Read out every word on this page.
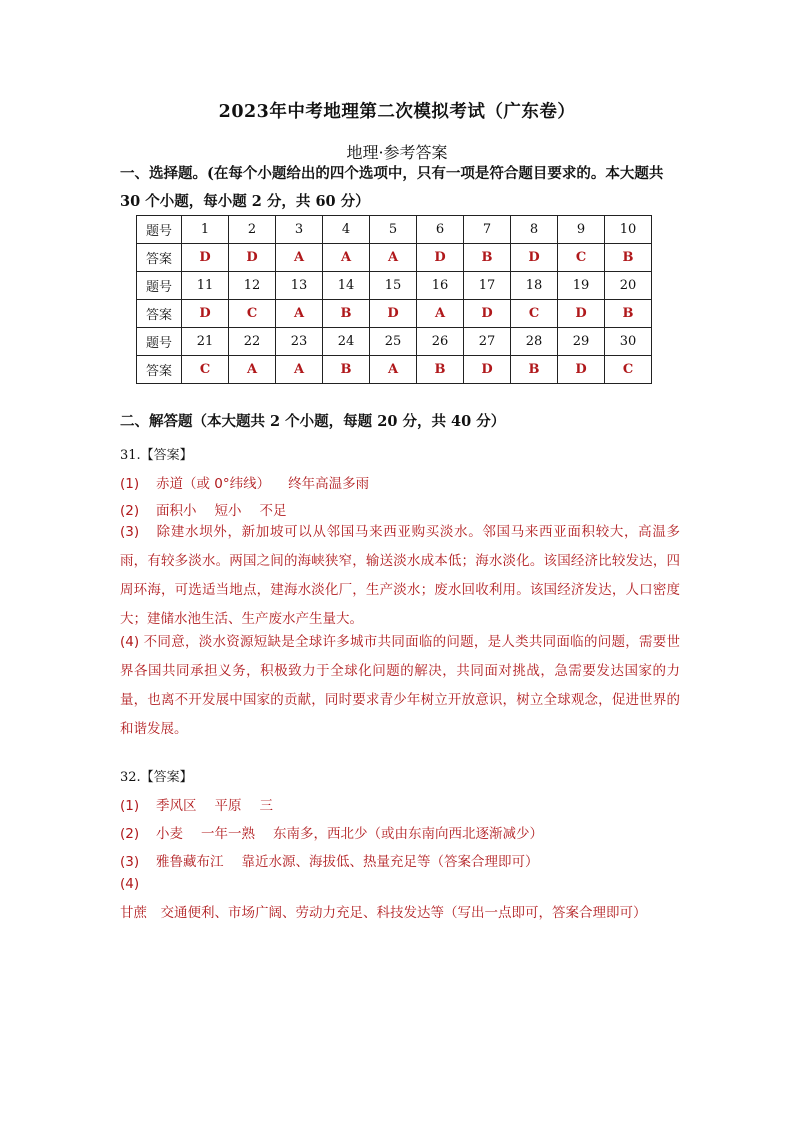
2023年中考地理第二次模拟考试（广东卷）
地理·参考答案
一、选择题。(在每个小题给出的四个选项中，只有一项是符合题目要求的。本大题共 30 个小题，每小题 2 分，共 60 分）
题号	1	2	3	4	5	6	7	8	9	10
答案	D	D	A	A	A	D	B	D	C	B
题号	11	12	13	14	15	16	17	18	19	20
答案	D	C	A	B	D	A	D	C	D	B
题号	21	22	23	24	25	26	27	28	29	30
答案	C	A	A	B	A	B	D	B	D	C
二、解答题（本大题共 2 个小题，每题 20 分，共 40 分）
31.【答案】
(1) 赤道（或 0°纬线） 终年高温多雨
(2) 面积小 短小 不足
(3) 除建水坝外，新加坡可以从邻国马来西亚购买淡水。邻国马来西亚面积较大，高温多雨，有较多淡水。两国之间的海峡狭窄，输送淡水成本低；海水淡化。该国经济比较发达，四周环海，可选适当地点，建海水淡化厂，生产淡水；废水回收利用。该国经济发达，人口密度大；建储水池生活、生产废水产生量大。
(4) 不同意，淡水资源短缺是全球许多城市共同面临的问题，是人类共同面临的问题，需要世界各国共同承担义务，积极致力于全球化问题的解决，共同面对挑战，急需要发达国家的力量，也离不开发展中国家的贡献，同时要求青少年树立开放意识，树立全球观念，促进世界的和谐发展。
32.【答案】
(1) 季风区 平原 三
(2) 小麦 一年一熟 东南多，西北少（或由东南向西北逐渐减少）
(3) 雅鲁藏布江 靠近水源、海拔低、热量充足等（答案合理即可）
(4)甘蔗　交通便利、市场广阔、劳动力充足、科技发达等（写出一点即可，答案合理即可）
